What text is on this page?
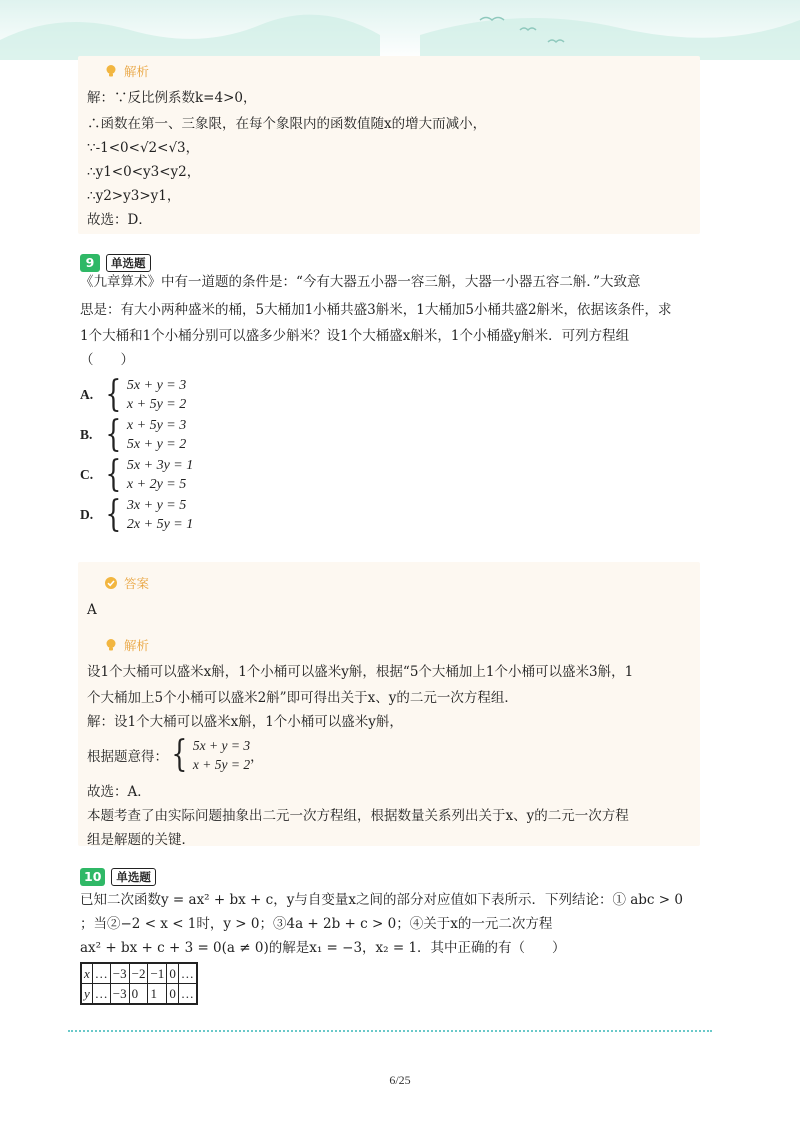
解析
解：∵反比例系数k=4>0，
∴函数在第一、三象限，在每个象限内的函数值随x的增大而减小，
∵-1<0<√2<√3，
∴y1<0<y3<y2，
∴y2>y3>y1，
故选：D．
9	单选题
《九章算术》中有一道题的条件是：“今有大器五小器一容三斛，大器一小器五容二斛．”大致意
思是：有大小两种盛米的桶，5大桶加1小桶共盛3斛米，1大桶加5小桶共盛2斛米，依据该条件，求
1个大桶和1个小桶分别可以盛多少斛米？设1个大桶盛x斛米，1个小桶盛y斛米．可列方程组
（　　）
A. { 5x + y = 3
x + 5y = 2
B. { x + 5y = 3
5x + y = 2
C. { 5x + 3y = 1
x + 2y = 5
D. { 3x + y = 5
2x + 5y = 1
答案
A
解析
设1个大桶可以盛米x斛，1个小桶可以盛米y斛，根据“5个大桶加上1个小桶可以盛米3斛，1
个大桶加上5个小桶可以盛米2斛”即可得出关于x、y的二元一次方程组．
解：设1个大桶可以盛米x斛，1个小桶可以盛米y斛，
根据题意得： { 5x + y = 3
x + 5y = 2 ，
故选：A．
本题考查了由实际问题抽象出二元一次方程组，根据数量关系列出关于x、y的二元一次方程
组是解题的关键．
10	单选题
已知二次函数y = ax² + bx + c，y与自变量x之间的部分对应值如下表所示．下列结论：① abc > 0
；当②−2 < x < 1时，y > 0；③4a + 2b + c > 0；④关于x的一元二次方程
ax² + bx + c + 3 = 0(a ≠ 0)的解是x₁ = −3，x₂ = 1．其中正确的有（　　）
x	…	−3	−2	−1	0	…
y	…	−3	0	1	0	…
6/25
